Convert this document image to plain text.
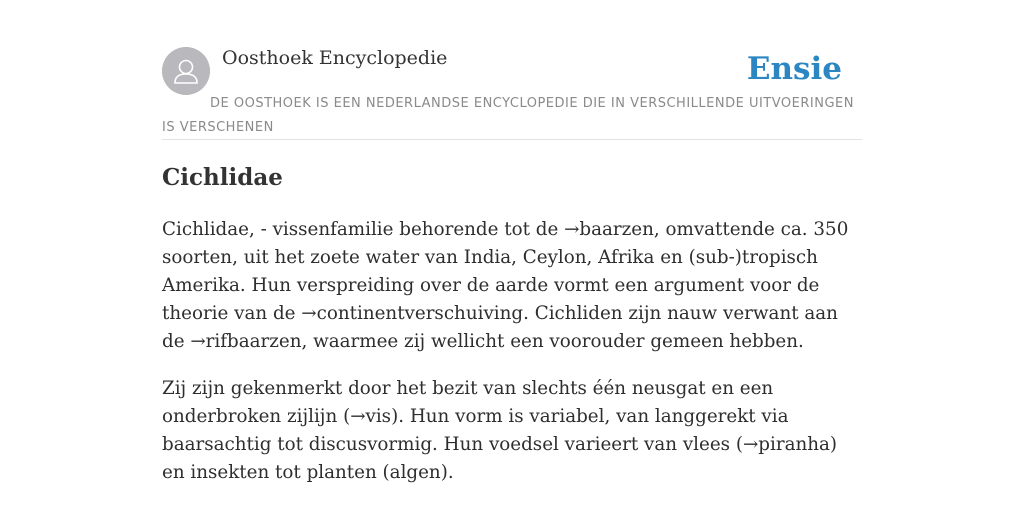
Oosthoek Encyclopedie	Ensie
DE OOSTHOEK IS EEN NEDERLANDSE ENCYCLOPEDIE DIE IN VERSCHILLENDE UITVOERINGEN IS VERSCHENEN
Cichlidae

Cichlidae, - vissenfamilie behorende tot de →baarzen, omvattende ca. 350 soorten, uit het zoete water van India, Ceylon, Afrika en (sub-)tropisch Amerika. Hun verspreiding over de aarde vormt een argument voor de theorie van de →continentverschuiving. Cichliden zijn nauw verwant aan de →rifbaarzen, waarmee zij wellicht een voorouder gemeen hebben.

Zij zijn gekenmerkt door het bezit van slechts één neusgat en een onderbroken zijlijn (→vis). Hun vorm is variabel, van langgerekt via baarsachtig tot discusvormig. Hun voedsel varieert van vlees (→piranha) en insekten tot planten (algen).
